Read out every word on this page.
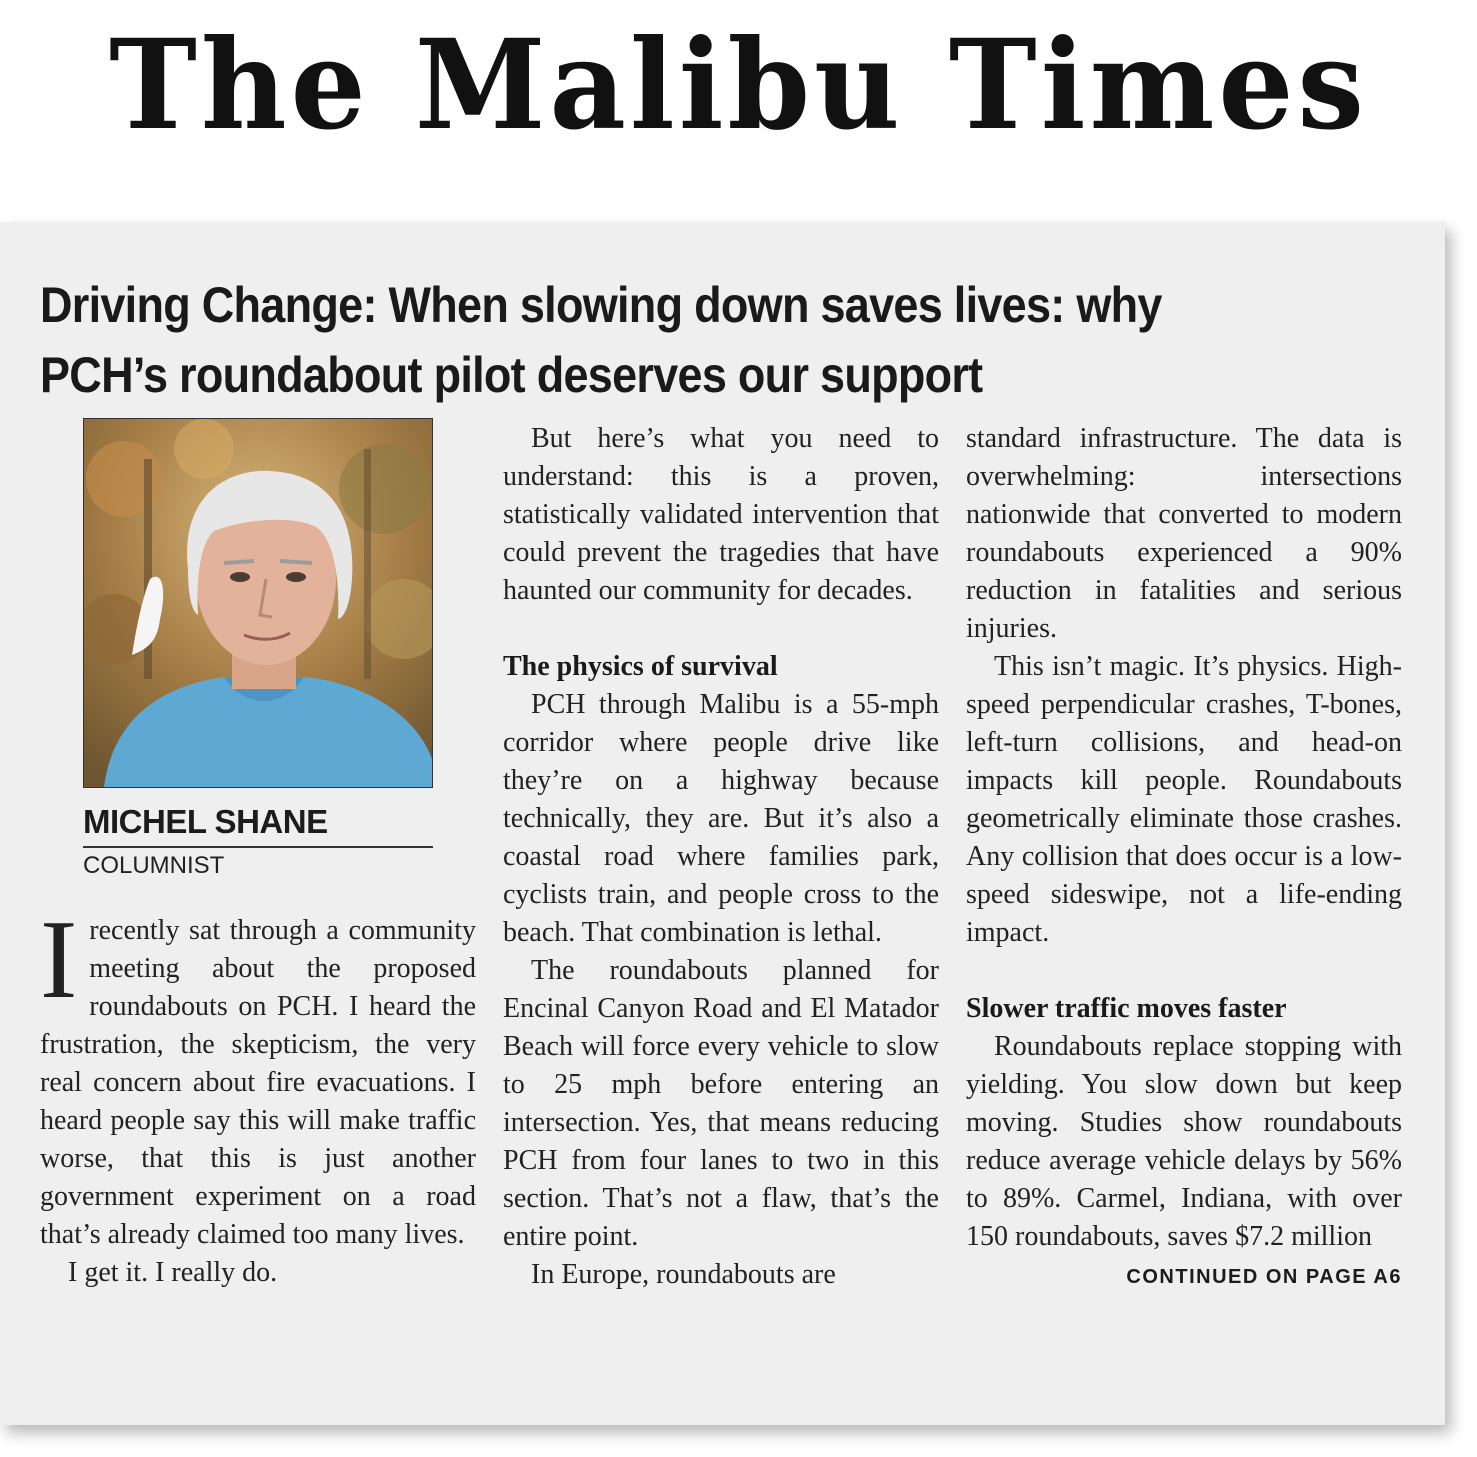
The Malibu Times
Driving Change: When slowing down saves lives: why PCH’s roundabout pilot deserves our support
MICHEL SHANE
COLUMNIST

Irecently sat through a community meeting about the proposed roundabouts on PCH. I heard the frustration, the skepticism, the very real concern about fire evacuations. I heard people say this will make traffic worse, that this is just another government experiment on a road that’s already claimed too many lives.

I get it. I really do.

But here’s what you need to understand: this is a proven, statistically validated intervention that could prevent the tragedies that have haunted our community for decades.

The physics of survival

PCH through Malibu is a 55-mph corridor where people drive like they’re on a highway because technically, they are. But it’s also a coastal road where families park, cyclists train, and people cross to the beach. That combination is lethal.

The roundabouts planned for Encinal Canyon Road and El Matador Beach will force every vehicle to slow to 25 mph before entering an intersection. Yes, that means reducing PCH from four lanes to two in this section. That’s not a flaw, that’s the entire point.

In Europe, roundabouts are

standard infrastructure. The data is overwhelming: intersections nationwide that converted to modern roundabouts experienced a 90% reduction in fatalities and serious injuries.

This isn’t magic. It’s physics. High-speed perpendicular crashes, T-bones, left-turn collisions, and head-on impacts kill people. Roundabouts geometrically eliminate those crashes. Any collision that does occur is a low-speed sideswipe, not a life-ending impact.

Slower traffic moves faster

Roundabouts replace stopping with yielding. You slow down but keep moving. Studies show roundabouts reduce average vehicle delays by 56% to 89%. Carmel, Indiana, with over 150 roundabouts, saves $7.2 million

CONTINUED ON PAGE A6
